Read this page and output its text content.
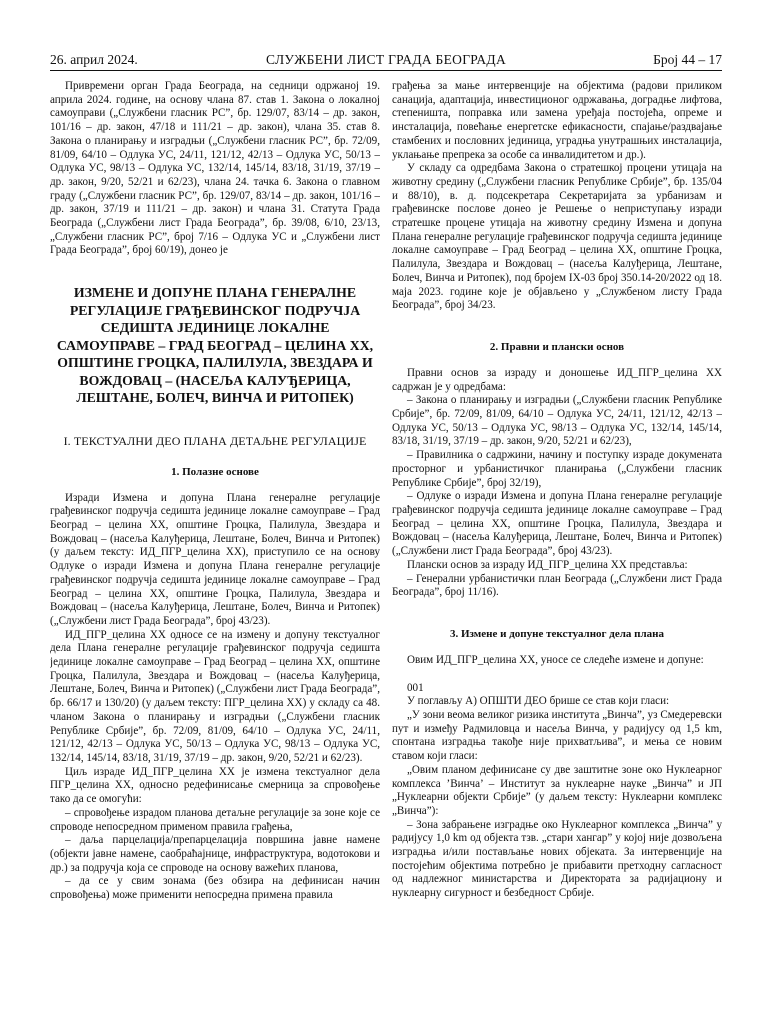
26. април 2024.	СЛУЖБЕНИ ЛИСТ ГРАДА БЕОГРАДА	Број 44 – 17

Привремени орган Града Београда, на седници одржаној 19. априла 2024. године, на основу члана 87. став 1. Закона о локалној самоуправи („Службени гласник РС”, бр. 129/07, 83/14 – др. закон, 101/16 – др. закон, 47/18 и 111/21 – др. закон), члана 35. став 8. Закона о планирању и изградњи („Службени гласник РС”, бр. 72/09, 81/09, 64/10 – Одлука УС, 24/11, 121/12, 42/13 – Одлука УС, 50/13 – Одлука УС, 98/13 – Одлука УС, 132/14, 145/14, 83/18, 31/19, 37/19 – др. закон, 9/20, 52/21 и 62/23), члана 24. тачка 6. Закона о главном граду („Службени гласник РС”, бр. 129/07, 83/14 – др. закон, 101/16 – др. закон, 37/19 и 111/21 – др. закон) и члана 31. Статута Града Београда („Службени лист Града Београда”, бр. 39/08, 6/10, 23/13, „Службени гласник РС”, број 7/16 – Одлука УС и „Службени лист Града Београда”, број 60/19), донео је

ИЗМЕНЕ И ДОПУНЕ ПЛАНА ГЕНЕРАЛНЕ РЕГУЛАЦИЈЕ ГРАЂЕВИНСКОГ ПОДРУЧЈА СЕДИШТА ЈЕДИНИЦЕ ЛОКАЛНЕ САМОУПРАВЕ – ГРАД БЕОГРАД – ЦЕЛИНА XX, ОПШТИНЕ ГРОЦКА, ПАЛИЛУЛА, ЗВЕЗДАРА И ВОЖДОВАЦ – (НАСЕЉА КАЛУЂЕРИЦА, ЛЕШТАНЕ, БОЛЕЧ, ВИНЧА И РИТОПЕК)
I. ТЕКСТУАЛНИ ДЕО ПЛАНА ДЕТАЉНЕ РЕГУЛАЦИЈЕ
1. Полазне основе

Изради Измена и допуна Плана генералне регулације грађевинског подручја седишта јединице локалне самоуправе – Град Београд – целина XX, општине Гроцка, Палилула, Звездара и Вождовац – (насеља Калуђерица, Лештане, Болеч, Винча и Ритопек) (у даљем тексту: ИД_ПГР_целина XX), приступило се на основу Одлуке о изради Измена и допуна Плана генералне регулације грађевинског подручја седишта јединице локалне самоуправе – Град Београд – целина XX, општине Гроцка, Палилула, Звездара и Вождовац – (насеља Калуђерица, Лештане, Болеч, Винча и Ритопек) („Службени лист Града Београда”, број 43/23).

ИД_ПГР_целина XX односе се на измену и допуну текстуалног дела Плана генералне регулације грађевинског подручја седишта јединице локалне самоуправе – Град Београд – целина XX, општине Гроцка, Палилула, Звездара и Вождовац – (насеља Калуђерица, Лештане, Болеч, Винча и Ритопек) („Службени лист Града Београда”, бр. 66/17 и 130/20) (у даљем тексту: ПГР_целина XX) у складу са 48. чланом Закона о планирању и изградњи („Службени гласник Републике Србије”, бр. 72/09, 81/09, 64/10 – Одлука УС, 24/11, 121/12, 42/13 – Одлука УС, 50/13 – Одлука УС, 98/13 – Одлука УС, 132/14, 145/14, 83/18, 31/19, 37/19 – др. закон, 9/20, 52/21 и 62/23).

Циљ израде ИД_ПГР_целина XX је измена текстуалног дела ПГР_целина XX, односно редефинисање смерница за спровођење тако да се омогући:

– спровођење израдом планова детаљне регулације за зоне које се спроводе непосредном применом правила грађења,

– даља парцелација/препарцелација површина јавне намене (објекти јавне намене, саобраћајнице, инфраструктура, водотокови и др.) за подручја која се спроводе на основу важећих планова,

– да се у свим зонама (без обзира на дефинисан начин спровођења) може применити непосредна примена правила

грађења за мање интервенције на објектима (радови приликом санација, адаптација, инвестиционог одржавања, доградње лифтова, степеништа, поправка или замена урeђаја постојећа, опреме и инсталација, повећање енергетске ефикасности, спајање/раздвајање стамбених и пословних јединица, уградња унутрашњих инсталација, уклањање препрека за особе са инвалидитетом и др.).

У складу са одредбама Закона о стратешкој процени утицаја на животну средину („Службени гласник Републике Србије”, бр. 135/04 и 88/10), в. д. подсекретара Секретаријата за урбанизам и грађевинске послове донео је Решење о неприступању изради стратешке процене утицаја на животну средину Измена и допуна Плана генералне регулације грађевинског подручја седишта јединице локалне самоуправе – Град Београд – целина XX, општине Гроцка, Палилула, Звездара и Вождовац – (насеља Калуђерица, Лештане, Болеч, Винча и Ритопек), под бројем IX-03 број 350.14-20/2022 од 18. маја 2023. године које је објављено у „Службеном листу Града Београда”, број 34/23.

2. Правни и плански основ

Правни основ за израду и доношење ИД_ПГР_целина XX садржан је у одредбама:

– Закона о планирању и изградњи („Службени гласник Републике Србије”, бр. 72/09, 81/09, 64/10 – Одлука УС, 24/11, 121/12, 42/13 – Одлука УС, 50/13 – Одлука УС, 98/13 – Одлука УС, 132/14, 145/14, 83/18, 31/19, 37/19 – др. закон, 9/20, 52/21 и 62/23),

– Правилника о садржини, начину и поступку израде докумената просторног и урбанистичког планирања („Службени гласник Републике Србије”, број 32/19),

– Одлуке о изради Измена и допуна Плана генералне регулације грађевинског подручја седишта јединице локалне самоуправе – Град Београд – целина XX, општине Гроцка, Палилула, Звездара и Вождовац – (насеља Калуђерица, Лештане, Болеч, Винча и Ритопек) („Службени лист Града Београда”, број 43/23).

Плански основ за израду ИД_ПГР_целина XX представља:

– Генерални урбанистички план Београда („Службени лист Града Београда”, број 11/16).

3. Измене и допуне текстуалног дела плана

Овим ИД_ПГР_целина XX, уносе се следеће измене и допуне:

001

У поглављу А) ОПШТИ ДЕО брише се став који гласи:

„У зони веома великог ризика института „Винча”, уз Смедеревски пут и између Радмиловца и насеља Винча, у радијусу од 1,5 km, спонтана изградња такође није прихватљива”, и мења се новим ставом који гласи:

„Овим планом дефинисане су две заштитне зоне око Нуклеарног комплекса ’Винча’ – Институт за нуклеарне науке „Винча” и ЈП „Нуклеарни објекти Србије” (у даљем тексту: Нуклеарни комплекс „Винча”):

– Зона забрањене изградње око Нуклеарног комплекса „Винча” у радијусу 1,0 km од објекта тзв. „стари хангар” у којој није дозвољена изградња и/или постављање нових објеката. За интервенције на постојећим објектима потребно је прибавити претходну сагласност од надлежног министарства и Директората за радијациону и нуклеарну сигурност и безбедност Србије.
